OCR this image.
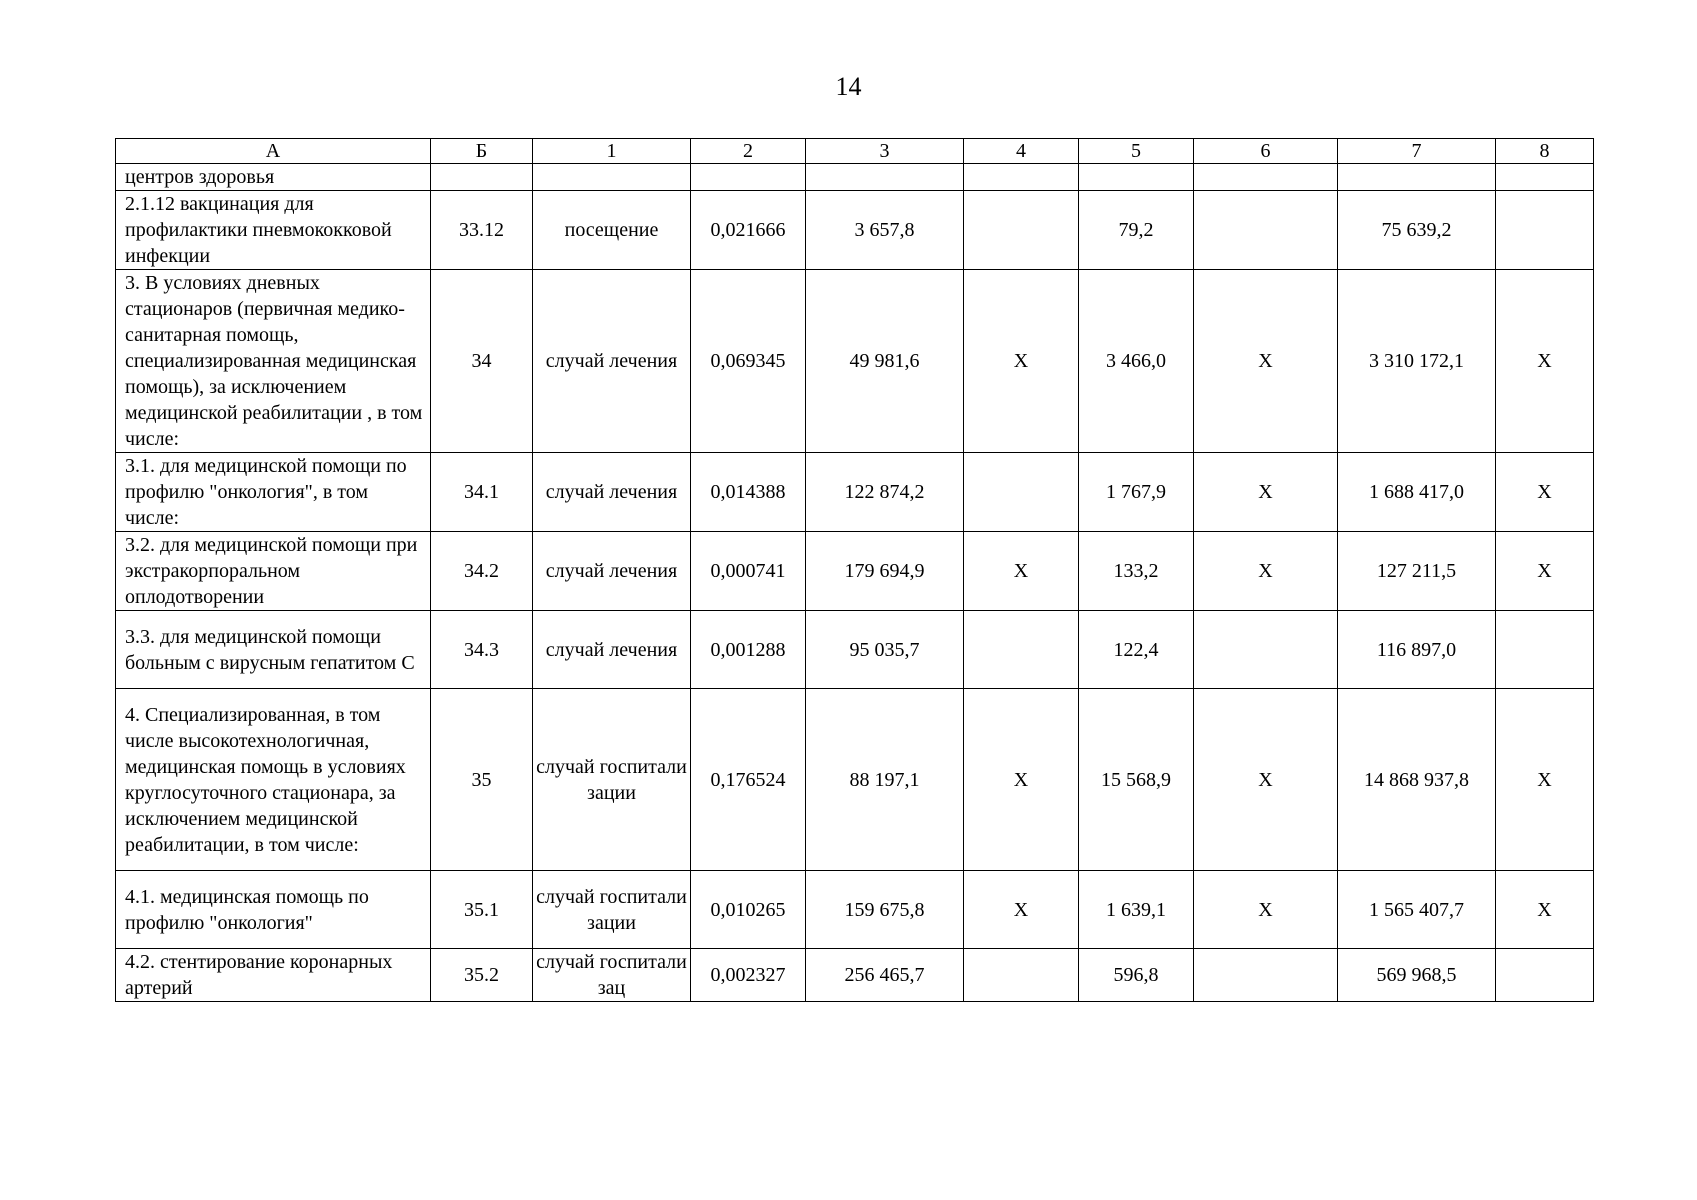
14
А	Б	1	2	3	4	5	6	7	8
центров здоровья									
2.1.12 вакцинация для профилактики пневмококковой инфекции	33.12	посещение	0,021666	3 657,8		79,2		75 639,2	
3. В условиях дневных стационаров (первичная медико-санитарная помощь, специализированная медицинская помощь), за исключением медицинской реабилитации , в том числе:	34	случай лечения	0,069345	49 981,6	Х	3 466,0	Х	3 310 172,1	Х
3.1. для медицинской помощи по профилю "онкология", в том числе:	34.1	случай лечения	0,014388	122 874,2		1 767,9	Х	1 688 417,0	Х
3.2. для медицинской помощи при экстракорпоральном оплодотворении	34.2	случай лечения	0,000741	179 694,9	Х	133,2	Х	127 211,5	Х
3.3. для медицинской помощи больным с вирусным гепатитом С	34.3	случай лечения	0,001288	95 035,7		122,4		116 897,0	
4. Специализированная, в том числе высокотехнологичная, медицинская помощь в условиях круглосуточного стационара, за исключением медицинской реабилитации, в том числе:	35	случай госпитализации	0,176524	88 197,1	Х	15 568,9	Х	14 868 937,8	Х
4.1. медицинская помощь по профилю "онкология"	35.1	случай госпитализации	0,010265	159 675,8	Х	1 639,1	Х	1 565 407,7	Х
4.2. стентирование коронарных артерий	35.2	случай госпитализац	0,002327	256 465,7		596,8		569 968,5	
